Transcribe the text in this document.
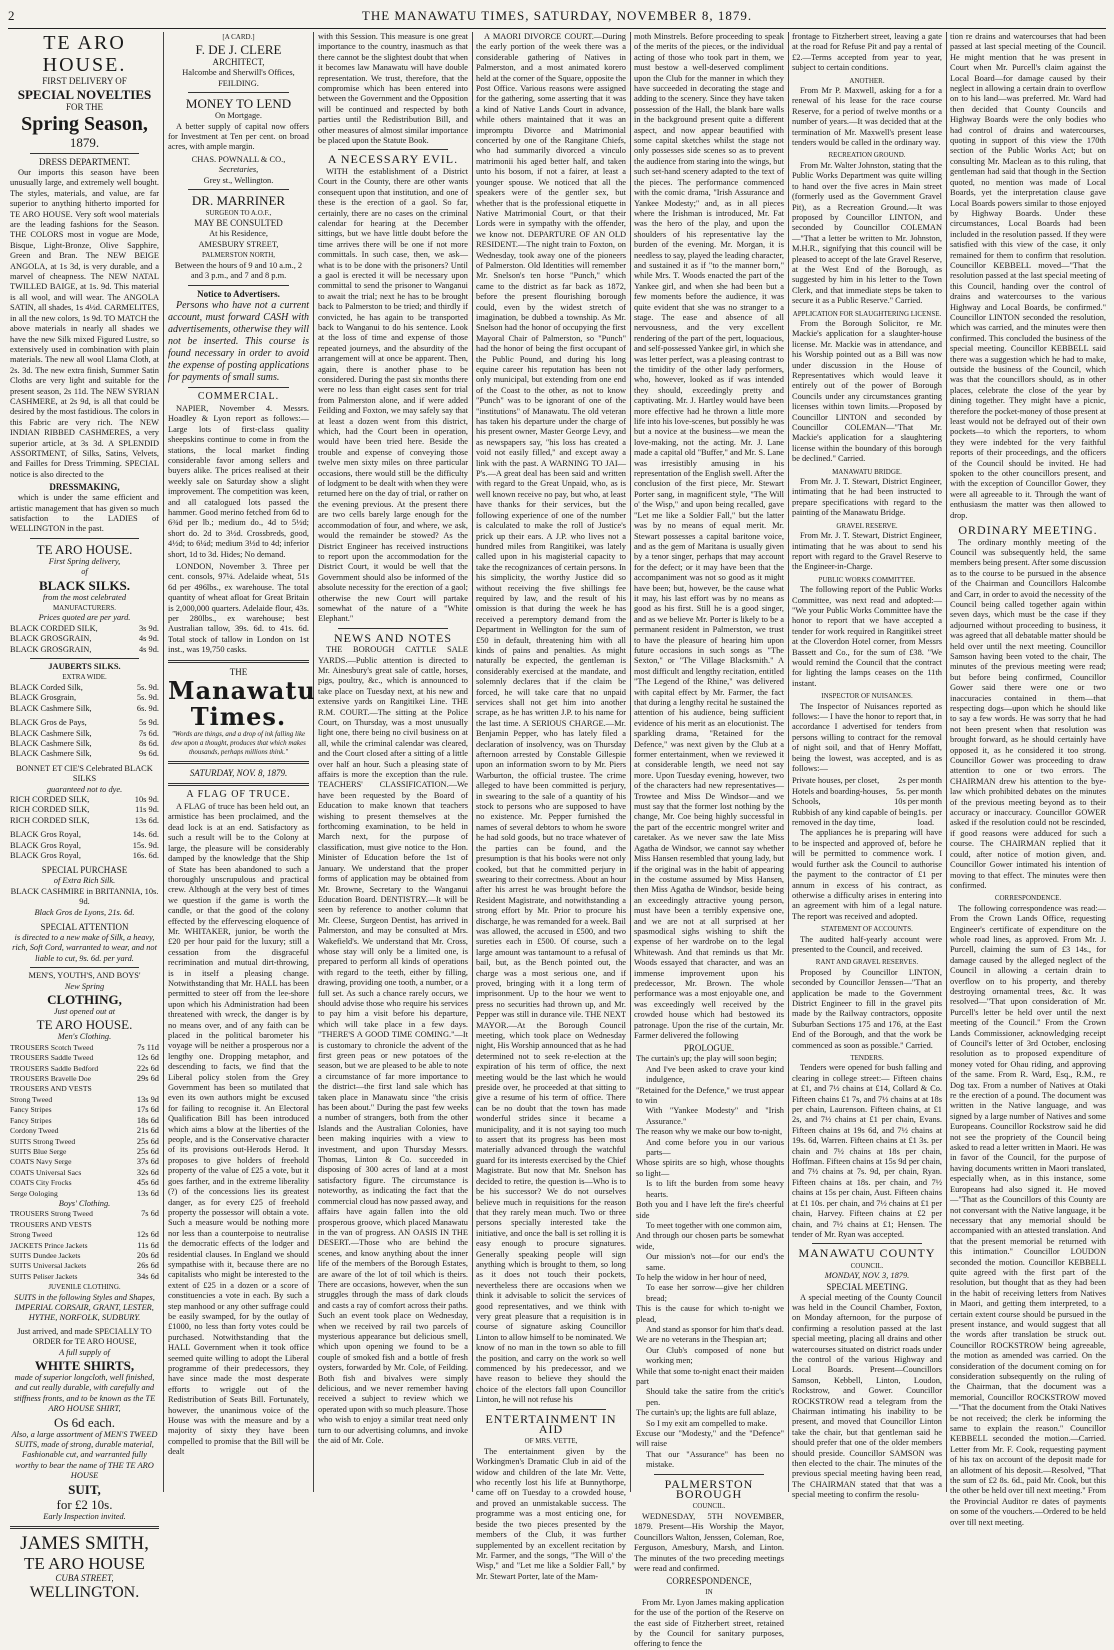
2	THE MANAWATU TIMES, SATURDAY, NOVEMBER 8, 1879.
TE ARO HOUSE.
FIRST DELIVERY OF
SPECIAL NOVELTIES
FOR THE
Spring Season,
1879.
DRESS DEPARTMENT.

Our imports this season have been unusually large, and extremely well bought. The styles, materials, and value, are far superior to anything hitherto imported for TE ARO HOUSE. Very soft wool materials are the leading fashions for the Season. THE COLORS most in vogue are Mode, Bisque, Light-Bronze, Olive Sapphire, Green and Bran. The NEW BEIGE ANGOLA, at 1s 3d, is very durable, and a marvel of cheapness. The NEW NATAL TWILLED BAIGE, at 1s. 9d. This material is all wool, and will wear. The ANGOLA SATIN, all shades, 1s 4½d. CARMELITES, in all the new colors, 1s 9d. TO MATCH the above materials in nearly all shades we have the new Silk mixed Figured Lustre, so extensively used in combination with plain materials. The new all wool Llama Cloth, at 2s. 3d. The new extra finish, Summer Satin Cloths are very light and suitable for the present season, 2s 11d. The NEW SYRIAN CASHMERE, at 2s 9d, is all that could be desired by the most fastidious. The colors in this Fabric are very rich. The NEW INDIAN RIBBED CASHMERES, a very superior article, at 3s 3d. A SPLENDID ASSORTMENT, of Silks, Satins, Velvets, and Failles for Dress Trimming. SPECIAL notice is also directed to the

DRESSMAKING,

which is under the same efficient and artistic management that has given so much satisfaction to the LADIES of WELLINGTON in the past.

TE ARO HOUSE.
First Spring delivery,
of
BLACK SILKS.
from the most celebrated
MANUFACTURERS.
Prices quoted are per yard.
BLACK CORDED SILK,	3s 9d.
BLACK GROSGRAIN,	4s 9d.
BLACK GROSGRAIN,	4s 9d.
JAUBERTS SILKS.
EXTRA WIDE.
BLACK Corded Silk,	5s. 9d.
BLACK Grosgrain,	5s. 9d.
BLACK Cashmere Silk,	6s. 9d.
BLACK Gros de Pays,	5s 9d.
BLACK Cashmere Silk,	7s 6d.
BLACK Cashmere Silk,	8s 6d.
BLACK Cashmere Silk,	9s 6d.
BONNET ET CIE'S Celebrated BLACK SILKS
guaranteed not to dye.
RICH CORDED SILK,	10s 9d.
RICH CORDED SILK,	11s 9d.
RICH CORDED SILK,	13s 6d.
BLACK Gros Royal,	14s. 6d.
BLACK Gros Royal,	15s. 9d.
BLACK Gros Royal,	16s. 6d.
SPECIAL PURCHASE
of Extra Rich Silk.
BLACK CASHMIRE in BRITANNIA, 10s. 9d.
Black Gros de Lyons, 21s. 6d.
SPECIAL ATTENTION
is directed to a new make of Silk, a heavy, rich, Soft Cord, warranted to wear, and not liable to cut, 9s. 6d. per yard.
MEN'S, YOUTH'S, AND BOYS'
New Spring
CLOTHING,
Just opened out at
TE ARO HOUSE.
Men's Clothing.
TROUSERS Scotch Tweed	7s 11d
TROUSERS Saddle Tweed	12s 6d
TROUSERS Saddle Bedford	22s 6d
TROUSERS Bravelle Doe	29s 6d
TROUSERS AND VESTS
Strong Tweed	13s 9d
Fancy Stripes	17s 6d
Fancy Stripes	18s 6d
Cordony Tweed	21s 6d
SUITS Strong Tweed	25s 6d
SUITS Blue Serge	25s 6d
COATS Navy Serge	37s 6d
COATS Universal Sacs	32s 6d
COATS City Frocks	45s 6d
Serge Oologing	13s 6d
Boys' Clothing.
TROUSERS Strong Tweed	7s 6d
TROUSERS AND VESTS
Strong Tweed	12s 6d
JACKETS Prince Jackets	11s 6d
SUITS Dundee Jackets	20s 6d
SUITS Universal Jackets	26s 6d
SUITS Peliser Jackets	34s 6d
JUVENILE CLOTHING.
SUITS in the following Styles and Shapes, IMPERIAL CORSAIR, GRANT, LESTER, HYTHE, NORFOLK, SUDBURY.
Just arrived, and made SPECIALLY TO ORDER for TE ARO HOUSE,
A full supply of
WHITE SHIRTS,
made of superior longcloth, well finished, and cut really durable, with carefully and stiffness fronts, and to be known as the TE ARO HOUSE SHIRT,
Os 6d each.
Also, a large assortment of MEN'S TWEED SUITS, made of strong, durable material, Fashionable cut, and warranted fully worthy to bear the name of THE TE ARO HOUSE
SUIT,
for £2 10s.
Early Inspection invited.
JAMES SMITH,
TE ARO HOUSE
CUBA STREET,
WELLINGTON.
[A CARD.]
F. DE J. CLERE
ARCHITECT,
Halcombe and Sherwill's Offices,
FEILDING.
MONEY TO LEND
On Mortgage.

A better supply of capital now offers for Investment at Ten per cent. on broad acres, with ample margin.

CHAS. POWNALL & CO.,
Secretaries,
Grey st., Wellington.
DR. MARRINER
SURGEON TO A.O.F.,
MAY BE CONSULTED
At his Residence,
AMESBURY STREET,
PALMERSTON NORTH,
Between the hours of 9 and 10 a.m., 2 and 3 p.m., and 7 and 8 p.m.
Notice to Advertisers.

Persons who have not a current account, must forward CASH with advertisements, otherwise they will not be inserted. This course is found necessary in order to avoid the expense of posting applications for payments of small sums.

COMMERCIAL.

NAPIER, November 4. Messrs. Hoadley & Lyon report as follows:—Large lots of first-class quality sheepskins continue to come in from the stations, the local market finding considerable favor among sellers and buyers alike. The prices realised at their weekly sale on Saturday show a slight improvement. The competition was keen, and all catalogued lots passed the hammer. Good merino fetched from 6d to 6¾d per lb.; medium do., 4d to 5½d; short do. 2d to 3½d. Crossbreds, good, 4½d; to 6¼d; medium 3½d to 4d; inferior short, 1d to 3d. Hides; No demand.

LONDON, November 3. Three per cent. consols, 97¼. Adelaide wheat, 51s 6d per 496lbs., ex warehouse. The total quantity of wheat afloat for Great Britain is 2,000,000 quarters. Adelaide flour, 43s. per 280lbs., ex warehouse; best Australian tallow, 39s. 6d. to 41s. 6d. Total stock of tallow in London on 1st inst., was 19,750 casks.

THE
Manawatu Times.
"Words are things, and a drop of ink falling like dew upon a thought, produces that which makes thousands, perhaps millions think."
SATURDAY, NOV. 8, 1879.
A FLAG OF TRUCE.

A FLAG of truce has been held out, an armistice has been proclaimed, and the dead lock is at an end. Satisfactory as such a result will be to the Colony at large, the pleasure will be considerably damped by the knowledge that the Ship of State has been abandoned to such a thoroughly unscrupulous and practical crew. Although at the very best of times we question if the game is worth the candle, or that the good of the colony effected by the effervescing eloquence of Mr. WHITAKER, junior, be worth the £20 per hour paid for the luxury; still a cessation from the disgraceful recrimination and mutual dirt-throwing, is in itself a pleasing change. Notwithstanding that Mr. HALL has been permitted to steer off from the lee-shore upon which his Administration had been threatened with wreck, the danger is by no means over, and of any faith can be placed in the political barometer his voyage will be neither a prosperous nor a lengthy one. Dropping metaphor, and descending to facts, we find that the Liberal policy stolen from the Grey Government has been so mutilated that even its own authors might be excused for failing to recognise it. An Electoral Qualification Bill has been introduced which aims a blow at the liberties of the people, and is the Conservative character of its provisions out-Herods Herod. It proposes to give holders of freehold property of the value of £25 a vote, but it goes farther, and in the extreme liberality (?) of the concessions lies its greatest danger, as for every £25 of freehold property the possessor will obtain a vote. Such a measure would be nothing more nor less than a counterpoise to neutralise the democratic effects of the lodger and residential clauses. In England we should sympathise with it, because there are no capitalists who might be interested to the extent of £25 in a dozen or a score of constituencies a vote in each. By such a step manhood or any other suffrage could be easily swamped, for by the outlay of £1000, no less than forty votes could be purchased. Notwithstanding that the HALL Government when it took office seemed quite willing to adopt the Liberal programme of their predecessors, they have since made the most desperate efforts to wriggle out of the Redistribution of Seats Bill. Fortunately, however, the unanimous voice of the House was with the measure and by a majority of sixty they have been compelled to promise that the Bill will be dealt

with this Session. This measure is one great importance to the country, inasmuch as that there cannot be the slightest doubt that when it becomes law Manawatu will have double representation. We trust, therefore, that the compromise which has been entered into between the Government and the Opposition will be continued and respected by both parties until the Redistribution Bill, and other measures of almost similar importance be placed upon the Statute Book.

A NECESSARY EVIL.

WITH the establishment of a District Court in the County, there are other wants consequent upon that institution, and one of these is the erection of a gaol. So far, certainly, there are no cases on the criminal calendar for hearing at the December sittings, but we have little doubt before the time arrives there will be one if not more committals. In such case, then, we ask—what is to be done with the prisoners? Until a gaol is erected it will be necessary upon committal to send the prisoner to Wanganui to await the trial; next he has to be brought back to Palmerston to be tried; and thirdly if convicted, he has again to be transported back to Wanganui to do his sentence. Look at the loss of time and expense of those repeated journeys, and the absurdity of the arrangement will at once be apparent. Then, again, there is another phase to be considered. During the past six months there were no less than eight cases sent for trial from Palmerston alone, and if were added Feilding and Foxton, we may safely say that at least a dozen went from this district, which, had the Court been in operation, would have been tried here. Beside the trouble and expense of conveying those twelve men sixty miles on three particular occasions, there would still be the difficulty of lodgment to be dealt with when they were returned here on the day of trial, or rather on the evening previous. At the present there are two cells barely large enough for the accommodation of four, and where, we ask, would the remainder be stowed? As the District Engineer has received instructions to report upon the accommodation for the District Court, it would be well that the Government should also be informed of the absolute necessity for the erection of a gaol; otherwise the new Court will partake somewhat of the nature of a "White Elephant."

NEWS AND NOTES

THE BOROUGH CATTLE SALE YARDS.—Public attention is directed to Mr. Ainesbury's great sale of cattle, horses, pigs, poultry, &c., which is announced to take place on Tuesday next, at his new and extensive yards on Rangitikei Line. THE R.M. COURT.—The sitting at the Police Court, on Thursday, was a most unusually light one, there being no civil business on at all, while the criminal calendar was cleared, and the Court closed after a sitting of a little over half an hour. Such a pleasing state of affairs is more the exception than the rule. TEACHERS' CLASSIFICATION.—We have been requested by the Board of Education to make known that teachers wishing to present themselves at the forthcoming examination, to be held in March next, for the purpose of classification, must give notice to the Hon. Minister of Education before the 1st of January. We understand that the proper forms of application may be obtained from Mr. Browne, Secretary to the Wanganui Education Board. DENTISTRY.—It will be seen by reference to another column that Mr. Cleese, Surgeon Dentist, has arrived in Palmerston, and may be consulted at Mrs. Wakefield's. We understand that Mr. Cross, whose stay will only be a limited one, is prepared to perform all kinds of operations with regard to the teeth, either by filling, drawing, providing one tooth, a number, or a full set. As such a chance rarely occurs, we should advise those who require his services to pay him a visit before his departure, which will take place in a few days. "THERE'S A GOOD TIME COMING."—It is customary to chronicle the advent of the first green peas or new potatoes of the season, but we are pleased to be able to note a circumstance of far more importance to the district—the first land sale which has taken place in Manawatu since "the crisis has been about." During the past few weeks a number of strangers, both from the other Islands and the Australian Colonies, have been making inquiries with a view to investment, and upon Thursday Messrs. Thomas, Linton & Co. succeeded in disposing of 300 acres of land at a most satisfactory figure. The circumstance is noteworthy, as indicating the fact that the commercial cloud has now passed away, and affairs have again fallen into the old prosperous groove, which placed Manawatu in the van of progress. AN OASIS IN THE DESERT.—Those who are behind the scenes, and know anything about the inner life of the members of the Borough Estates, are aware of the lot of toil which is theirs. There are occasions, however, when the sun struggles through the mass of dark clouds and casts a ray of comfort across their paths. Such an event took place on Wednesday, when we received by rail two parcels of mysterious appearance but delicious smell, which upon opening we found to be a couple of smoked fish and a bottle of fresh oysters, forwarded by Mr. Cole, of Feilding. Both fish and bivalves were simply delicious, and we never remember having received a subject to review which we operated upon with so much pleasure. Those who wish to enjoy a similar treat need only turn to our advertising columns, and invoke the aid of Mr. Cole.

A MAORI DIVORCE COURT.—During the early portion of the week there was a considerable gathering of Natives in Palmerston, and a most animated korero held at the corner of the Square, opposite the Post Office. Various reasons were assigned for the gathering, some asserting that it was a kind of Native Lands Court in advance, while others maintained that it was an impromptu Divorce and Matrimonial concerted by one of the Rangitane Chiefs, who had summarily divorced a vinculo matrimonii his aged better half, and taken unto his bosom, if not a fairer, at least a younger spouse. We noticed that all the speakers were of the gentler sex, but whether that is the professional etiquette in Native Matrimonial Court, or that their Lords were in sympathy with the offender, we know not. DEPARTURE OF AN OLD RESIDENT.—The night train to Foxton, on Wednesday, took away one of the pioneers of Palmerston. Old Identities will remember Mr. Snelson's ten horse "Punch," which came to the district as far back as 1872, before the present flourishing borough could, even by the widest stretch of imagination, be dubbed a township. As Mr. Snelson had the honor of occupying the first Mayoral Chair of Palmerston, so "Punch" had the honor of being the first occupant of the Public Pound, and during his long equine career his reputation has been not only municipal, but extending from one end of the Coast to the other, as not to know "Punch" was to be ignorant of one of the "institutions" of Manawatu. The old veteran has taken his departure under the charge of his present owner, Master George Levy, and as newspapers say, "his loss has created a void not easily filled," and except away a link with the past. A WARNING TO JAI—P's.—A great deal has been said and written with regard to the Great Unpaid, who, as is well known receive no pay, but who, at least have thanks for their services, but the following experience of one of the number is calculated to make the roll of Justice's prick up their ears. A J.P. who lives not a hundred miles from Rangitikei, was lately called upon in his magisterial capacity to take the recognizances of certain persons. In his simplicity, the worthy Justice did so without receiving the five shillings fee required by law, and the result of his omission is that during the week he has received a peremptory demand from the Department in Wellington for the sum of £50 in default, threatening him with all kinds of pains and penalties. As might naturally be expected, the gentleman is considerably exercised at the mandate, and solemnly declares that if the claim be forced, he will take care that no unpaid services shall not get him into another scrape, as he has written J.P. to his name for the last time. A SERIOUS CHARGE.—Mr. Benjamin Pepper, who has lately filed a declaration of insolvency, was on Thursday afternoon arrested by Constable Gillespie upon an information sworn to by Mr. Piers Warburton, the official trustee. The crime alleged to have been committed is perjury, in swearing to the sale of a quantity of his stock to persons who are supposed to have no existence. Mr. Pepper furnished the names of several debtors to whom he swore he had sold goods, but no trace whatever of the parties can be found, and the presumption is that his books were not only cooked, but that he committed perjury in swearing to their correctness. About an hour after his arrest he was brought before the Resident Magistrate, and notwithstanding a strong effort by Mr. Prior to procure his discharge, he was remanded for a week. Bail was allowed, the accused in £500, and two sureties each in £500. Of course, such a large amount was tantamount to a refusal of bail, but, as the Bench pointed out, the charge was a most serious one, and if proved, bringing with it a long term of imprisonment. Up to the hour we went to press no securities had thrown up, and Mr. Pepper was still in durance vile. THE NEXT MAYOR.—At the Borough Council meeting, which took place on Wednesday night, His Worship announced that as he had determined not to seek re-election at the expiration of his term of office, the next meeting would be the last which he would preside over, he proceeded at that sitting to give a resume of his term of office. There can be no doubt that the town has made wonderful strides since it became a municipality, and it is not saying too much to assert that its progress has been most materially advanced through the watchful guard for its interests exercised by the Chief Magistrate. But now that Mr. Snelson has decided to retire, the question is—Who is to be his successor? We do not ourselves believe much in requisitions for the reason that they rarely mean much. Two or three persons specially interested take the initiative, and once the ball is set rolling it is easy enough to procure signatures. Generally speaking people will sign anything which is brought to them, so long as it does not touch their pockets, nevertheless there are occasions when we think it advisable to solicit the services of good representatives, and we think with very great pleasure that a requisition is in course of signature asking Councillor Linton to allow himself to be nominated. We know of no man in the town so able to fill the position, and carry on the work so well commenced by his predecessor, and we have reason to believe they should the choice of the electors fall upon Councillor Linton, he will not refuse his

ENTERTAINMENT IN AID
OF MRS. VETTE,

The entertainment given by the Workingmen's Dramatic Club in aid of the widow and children of the late Mr. Vette, who recently lost his life at Bunnythorpe, came off on Tuesday to a crowded house, and proved an unmistakable success. The programme was a most enticing one, for beside the two pieces presented by the members of the Club, it was further supplemented by an excellent recitation by Mr. Farmer, and the songs, "The Will o' the Wisp," and "Let me like a Soldier Fall," by Mr. Stewart Porter, late of the Mam-

moth Minstrels. Before proceeding to speak of the merits of the pieces, or the individual acting of those who took part in them, we must bestow a well-deserved compliment upon the Club for the manner in which they have succeeded in decorating the stage and adding to the scenery. Since they have taken possession of the Hall, the blank bare walls in the background present quite a different aspect, and now appear beautified with some capital sketches whilst the stage not only possesses side scenes so as to prevent the audience from staring into the wings, but such set-hand scenery adapted to the text of the pieces. The performance commenced with the comic drama, "Irish Assurance and Yankee Modesty;" and, as in all pieces where the Irishman is introduced, Mr. Fat was the hero of the play, and upon the shoulders of his representative lay the burden of the evening. Mr. Morgan, it is needless to say, played the leading character, and sustained it as if "to the manner born," while Mrs. T. Woods enacted the part of the Yankee girl, and when she had been but a few moments before the audience, it was quite evident that she was no stranger to a stage. The ease and absence of all nervousness, and the very excellent rendering of the part of the pert, loquacious, and self-possessed Yankee girl, in which she was letter perfect, was a pleasing contrast to the timidity of the other lady performers, who, however, looked as if was intended they should, exceedingly pretty and captivating. Mr. J. Hartley would have been more effective had he thrown a little more life into his love-scenes, but possibly he was but a novice at the business—we mean the love-making, not the acting. Mr. J. Lane made a capital old "Buffer," and Mr. S. Lane was irresistibly amusing in his representation of the English swell. After the conclusion of the first piece, Mr. Stewart Porter sang, in magnificent style, "The Will o' the Wisp," and upon being recalled, gave "Let me like a Soldier Fall," but the latter was by no means of equal merit. Mr. Stewart possesses a capital baritone voice, and as the gem of Maritana is usually given by a tenor singer, perhaps that may account for the defect; or it may have been that the accompaniment was not so good as it might have been; but, however, be the cause what it may, his last effort was by no means as good as his first. Still he is a good singer, and as we believe Mr. Porter is likely to be a permanent resident in Palmerston, we trust to have the pleasure of hearing him upon future occasions in such songs as "The Sexton," or "The Village Blacksmith." A most difficult and lengthy recitation, entitled "The Legend of the Rhine," was delivered with capital effect by Mr. Farmer, the fact that during a lengthy recital he sustained the attention of his audience, being sufficient evidence of his merit as an elocutionist. The sparkling drama, "Retained for the Defence," was next given by the Club at a former entertainment, when we reviewed it at considerable length, we need not say more. Upon Tuesday evening, however, two of the characters had new representatives—Trowtee and Miss De Windsor—and we must say that the former lost nothing by the change, Mr. Coe being highly successful in the part of the eccentric mongrel writer and caretaker. As we never saw the late Miss Agatha de Windsor, we cannot say whether Miss Hansen resembled that young lady, but if the original was in the habit of appearing in the costume assumed by Miss Hansen, then Miss Agatha de Windsor, beside being an exceedingly attractive young person, must have been a terribly expensive one, and we are not at all surprised at her spasmodical sighs wishing to shift the expense of her wardrobe on to the legal Whitewash. And that reminds us that Mr. Woods essayed that character, and was an immense improvement upon his predecessor, Mr. Brown. The whole performance was a most enjoyable one, and was exceedingly well received by the crowded house which had bestowed its patronage. Upon the rise of the curtain, Mr. Farmer delivered the following

PROLOGUE.
The curtain's up; the play will soon begin;
And I've been asked to crave your kind indulgence,
"Retained for the Defence," we trust appear to win
With "Yankee Modesty" and "Irish Assurance."
The reason why we make our bow to-night,
And come before you in our various parts—
Whose spirits are so high, whose thoughts so light—
Is to lift the burden from some heavy hearts.
Both you and I have left the fire's cheerful side
To meet together with one common aim,
And through our chosen parts be somewhat wide,
Our mission's not—for our end's the same.
To help the widow in her hour of need,
To ease her sorrow—give her children bread;
This is the cause for which to-night we plead,
And stand as sponsor for him that's dead.
We are no veterans in the Thespian art;
Our Club's composed of none but working men;
While that some to-night enact their maiden part
Should take the satire from the critic's pen.
The curtain's up; the lights are full ablaze,
So I my exit am compelled to make.
Excuse our "Modesty," and the "Defence" will raise
That our "Assurance" has been no mistake.
PALMERSTON BOROUGH
COUNCIL.

WEDNESDAY, 5TH NOVEMBER, 1879. Present—His Worship the Mayor, Councillors Walton, Jenssen, Coleman, Roe, Ferguson, Amesbury, Marsh, and Linton. The minutes of the two preceding meetings were read and confirmed.

CORRESPONDENCE,
IN

From Mr. Lyon James making application for the use of the portion of the Reserve on the east side of Fitzherbert street, retained by the Council for sanitary purposes, offering to fence the

frontage to Fitzherbert street, leaving a gate at the road for Refuse Pit and pay a rental of £2.—Terms accepted from year to year, subject to certain conditions.

ANOTHER.

From Mr P. Maxwell, asking for a for a renewal of his lease for the race course Reserve, for a period of twelve months or a number of years.—It was decided that at the termination of Mr. Maxwell's present lease tenders would be called in the ordinary way.

RECREATION GROUND.

From Mr. Walter Johnston, stating that the Public Works Department was quite willing to hand over the five acres in Main street (formerly used as the Government Gravel Pit), as a Recreation Ground.—It was proposed by Councillor LINTON, and seconded by Councillor COLEMAN—"That a letter be written to Mr. Johnston, M.H.R., signifying that this council will be pleased to accept of the late Gravel Reserve, at the West End of the Borough, as suggested by him in his letter to the Town Clerk, and that immediate steps be taken to secure it as a Public Reserve." Carried.

APPLICATION FOR SLAUGHTERING LICENSE.

From the Borough Solicitor, re Mr. Mackie's application for a slaughter-house license. Mr. Mackie was in attendance, and his Worship pointed out as a Bill was now under discussion in the House of Representatives which would leave it entirely out of the power of Borough Councils under any circumstances granting licenses within town limits.—Proposed by Councillor LINTON and seconded by Councillor COLEMAN—"That Mr. Mackie's application for a slaughtering license within the boundary of this borough be declined." Carried.

MANAWATU BRIDGE.

From Mr. J. T. Stewart, District Engineer, intimating that he had been instructed to prepare specifications with regard to the painting of the Manawatu Bridge.

GRAVEL RESERVE.

From Mr. J. T. Stewart, District Engineer, intimating that he was about to send his report with regard to the Gravel Reserve to the Engineer-in-Charge.

PUBLIC WORKS COMMITTEE.

The following report of the Public Works Committee, was next read and adopted:— "We your Public Works Committee have the honor to report that we have accepted a tender for work required in Rangitikei street at the Cloverdon Hotel corner, from Messrs Bassett and Co., for the sum of £38. "We would remind the Council that the contract for lighting the lamps ceases on the 11th instant.

INSPECTOR OF NUISANCES.

The Inspector of Nuisances reported as follows:— I have the honor to report that, in accordance I advertised for tenders from persons willing to contract for the removal of night soil, and that of Henry Moffatt, being the lowest, was accepted, and is as follows:—

Private houses, per closet, 2s per month
Hotels and boarding-houses, 5s. per month
Schools,	10s per month
Rubbish of any kind capable of being removed in the day time,
1s. per load.

The appliances he is preparing will have to be inspected and approved of, before he will be permitted to commence work. I would further ask the Council to authorise the payment to the contractor of £1 per annum in excess of his contract, as otherwise a difficulty arises in entering into an agreement with him of a legal nature. The report was received and adopted.

STATEMENT OF ACCOUNTS.

The audited half-yearly account were presented to the Council, and received.

RANT AND GRAVEL RESERVES.

Proposed by Councillor LINTON, seconded by Councillor Jenssen—"That an application be made to the Government District Engineer to fill in the gravel pits made by the Railway contractors, opposite Suburban Sections 175 and 176, at the East End of the Borough, and that the work be commenced as soon as possible." Carried.

TENDERS.

Tenders were opened for bush falling and clearing in college street:— Fifteen chains at £1, and 7½ chains at £14, Collard & Co. Fifteen chains £1 7s, and 7½ chains at at 18s per chain, Laurenson. Fifteen chains, at £1 2s, and 7½ chains at £1 per chain, Evans. Fifteen chains at 19s 6d, and 7½ chains at 19s. 6d, Warren. Fifteen chains at £1 3s. per chain and 7½ chains at 18s per chain, Hoffman. Fifteen chains at 15s 9d per chain, and 7½ chains at 7s. 9d, per chain, Ryan. Fifteen chains at 18s. per chain, and 7½ chains at 15s per chain, Aust. Fifteen chains at £1 10s. per chain, and 7½ chains at £1 per chain, Harvey. Fifteen chains at £2 per chain, and 7½ chains at £1; Hensen. The tender of Mr. Ryan was accepted.

MANAWATU COUNTY
COUNCIL.
MONDAY, NOV. 3, 1879.
SPECIAL MEETING.

A special meeting of the County Council was held in the Council Chamber, Foxton, on Monday afternoon, for the purpose of confirming a resolution passed at the last special meeting, placing all drains and other watercourses situated on district roads under the control of the various Highway and Local Boards. Present—Councillors Samson, Kebbell, Linton, Loudon, Rockstrow, and Gower. Councillor ROCKSTROW read a telegram from the Chairman intimating his inability to be present, and moved that Councillor Linton take the chair, but that gentleman said he should prefer that one of the older members should preside. Councillor SAMSON was then elected to the chair. The minutes of the previous special meeting having been read, The CHAIRMAN stated that that was a special meeting to confirm the resolu-

tion re drains and watercourses that had been passed at last special meeting of the Council. He might mention that he was present in Court when Mr. Purcell's claim against the Local Board—for damage caused by their neglect in allowing a certain drain to overflow on to his land—was preferred. Mr. Ward had then decided that County Councils and Highway Boards were the only bodies who had control of drains and watercourses, quoting in support of this view the 170th section of the Public Works Act; but on consulting Mr. Maclean as to this ruling, that gentleman had said that though in the Section quoted, no mention was made of Local Boards, yet the interpretation clause gave Local Boards powers similar to those enjoyed by Highway Boards. Under these circumstances, Local Boards had been included in the resolution passed. If they were satisfied with this view of the case, it only remained for them to confirm that resolution. Councillor KEBBELL moved—"That the resolution passed at the last special meeting of this Council, handing over the control of drains and watercourses to the various Highway and Local Boards, be confirmed." Councillor LINTON seconded the resolution, which was carried, and the minutes were then confirmed. This concluded the business of the special meeting. Councillor KEBBELL said there was a suggestion which he had to make, outside the business of the Council, which was that the councillors should, as in other places, celebrate the close of the year by dining together. They might have a picnic, therefore the pocket-money of those present at least would not be defrayed out of their own pockets—to which the reporters, to whom they were indebted for the very faithful reports of their proceedings, and the officers of the Council should be invited. He had spoken to the other councillors present, and with the exception of Councillor Gower, they were all agreeable to it. Through the want of enthusiasm the matter was then allowed to drop.

ORDINARY MEETING.

The ordinary monthly meeting of the Council was subsequently held, the same members being present. After some discussion as to the course to be pursued in the absence of the Chairman and Councillors Halcombe and Carr, in order to avoid the necessity of the Council being called together again within seven days, which must be the case if they adjourned without proceeding to business, it was agreed that all debatable matter should be held over until the next meeting. Councillor Samson having been voted to the chair, The minutes of the previous meeting were read; but before being confirmed, Councillor Gower said there were one or two inaccuracies contained in them—that respecting dogs—upon which he should like to say a few words. He was sorry that he had not been present when that resolution was brought forward, as he should certainly have opposed it, as he considered it too strong. Councillor Gower was proceeding to draw attention to one or two errors. The CHAIRMAN drew his attention to the bye-law which prohibited debates on the minutes of the previous meeting beyond as to their accuracy or inaccuracy. Councillor GOWER asked if the resolution could not be rescinded, if good reasons were adduced for such a course. The CHAIRMAN replied that it could, after notice of motion given, and. Councillor Gower intimated his intention of moving to that effect. The minutes were then confirmed.

CORRESPONDENCE.

The following correspondence was read:— From the Crown Lands Office, requesting Engineer's certificate of expenditure on the whole road lines, as approved. From Mr. J. Purcell, claiming the sum of £3 14s., for damage caused by the alleged neglect of the Council in allowing a certain drain to overflow on to his property, and thereby destroying ornamental trees, &c. It was resolved—"That upon consideration of Mr. Purcell's letter be held over until the next meeting of the Council." From the Crown Lands Commissioner, acknowledging receipt of Council's letter of 3rd October, enclosing resolution as to proposed expenditure of money voted for Ohau riding, and approving of the same. From R. Ward, Esq., R.M., re Dog tax. From a number of Natives at Otaki re the erection of a pound. The document was written in the Native language, and was signed by a large number of Natives and some Europeans. Councillor Rockstrow said he did not see the propriety of the Council being asked to read a letter written in Maori. He was in favor of the Council, for the purpose of having documents written in Maori translated, especially when, as in this instance, some Europeans had also signed it. He moved—"That as the Councillors of this County are not conversant with the Native language, it be necessary that any memorial should be accompanied with an attested translation. And that the present memorial be returned with this intimation." Councillor LOUDON seconded the motion. Councillor KEBBELL quite agreed with the first part of the resolution, but thought that as they had been in the habit of receiving letters from Natives in Maori, and getting them interpreted, to a certain extent course should be pursued in the present instance, and would suggest that all the words after translation be struck out. Councillor ROCKSTROW being agreeable, the motion as amended was carried. On the consideration of the document coming on for consideration subsequently on the ruling of the Chairman, that the document was a memorial, Councillor ROCKSTROW moved—"That the document from the Otaki Natives be not received; the clerk be informing the same to explain the reason." Councillor KEBBELL seconded the motion.—Carried. Letter from Mr. F. Cook, requesting payment of his tax on account of the deposit made for an allotment of his deposit.—Resolved, "That the sum of £2 8s. 6d., paid Mr. Cook, but this the other be held over till next meeting." From the Provincial Auditor re dates of payments on some of the vouchers.—Ordered to be held over till next meeting.
